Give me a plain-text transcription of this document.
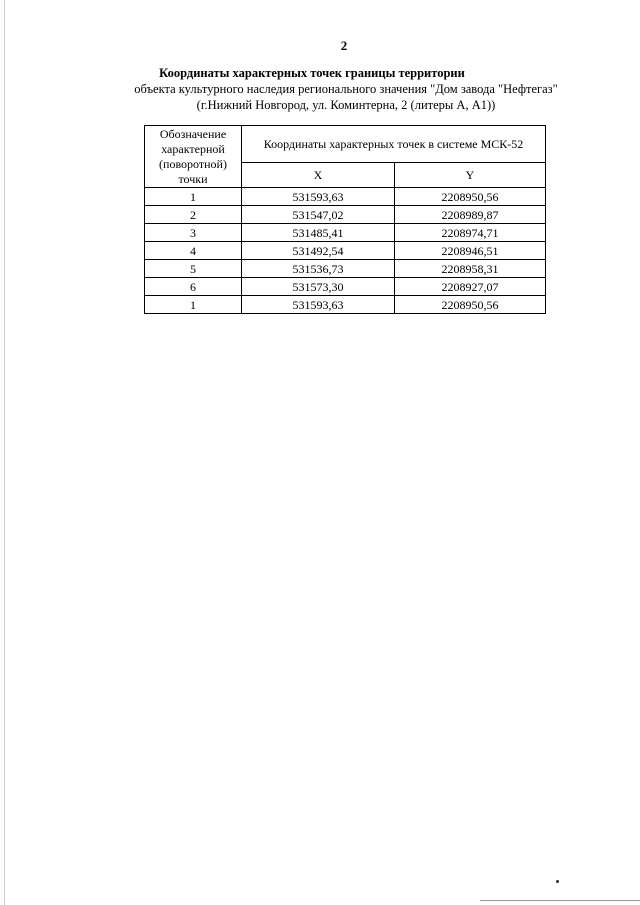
2
Координаты характерных точек границы территории
объекта культурного наследия регионального значения "Дом завода "Нефтегаз"
(г.Нижний Новгород, ул. Коминтерна, 2 (литеры А, А1))
Обозначение характерной (поворотной) точки	Координаты характерных точек в системе МСК-52	
	X	Y
1	531593,63	2208950,56
2	531547,02	2208989,87
3	531485,41	2208974,71
4	531492,54	2208946,51
5	531536,73	2208958,31
6	531573,30	2208927,07
1	531593,63	2208950,56
